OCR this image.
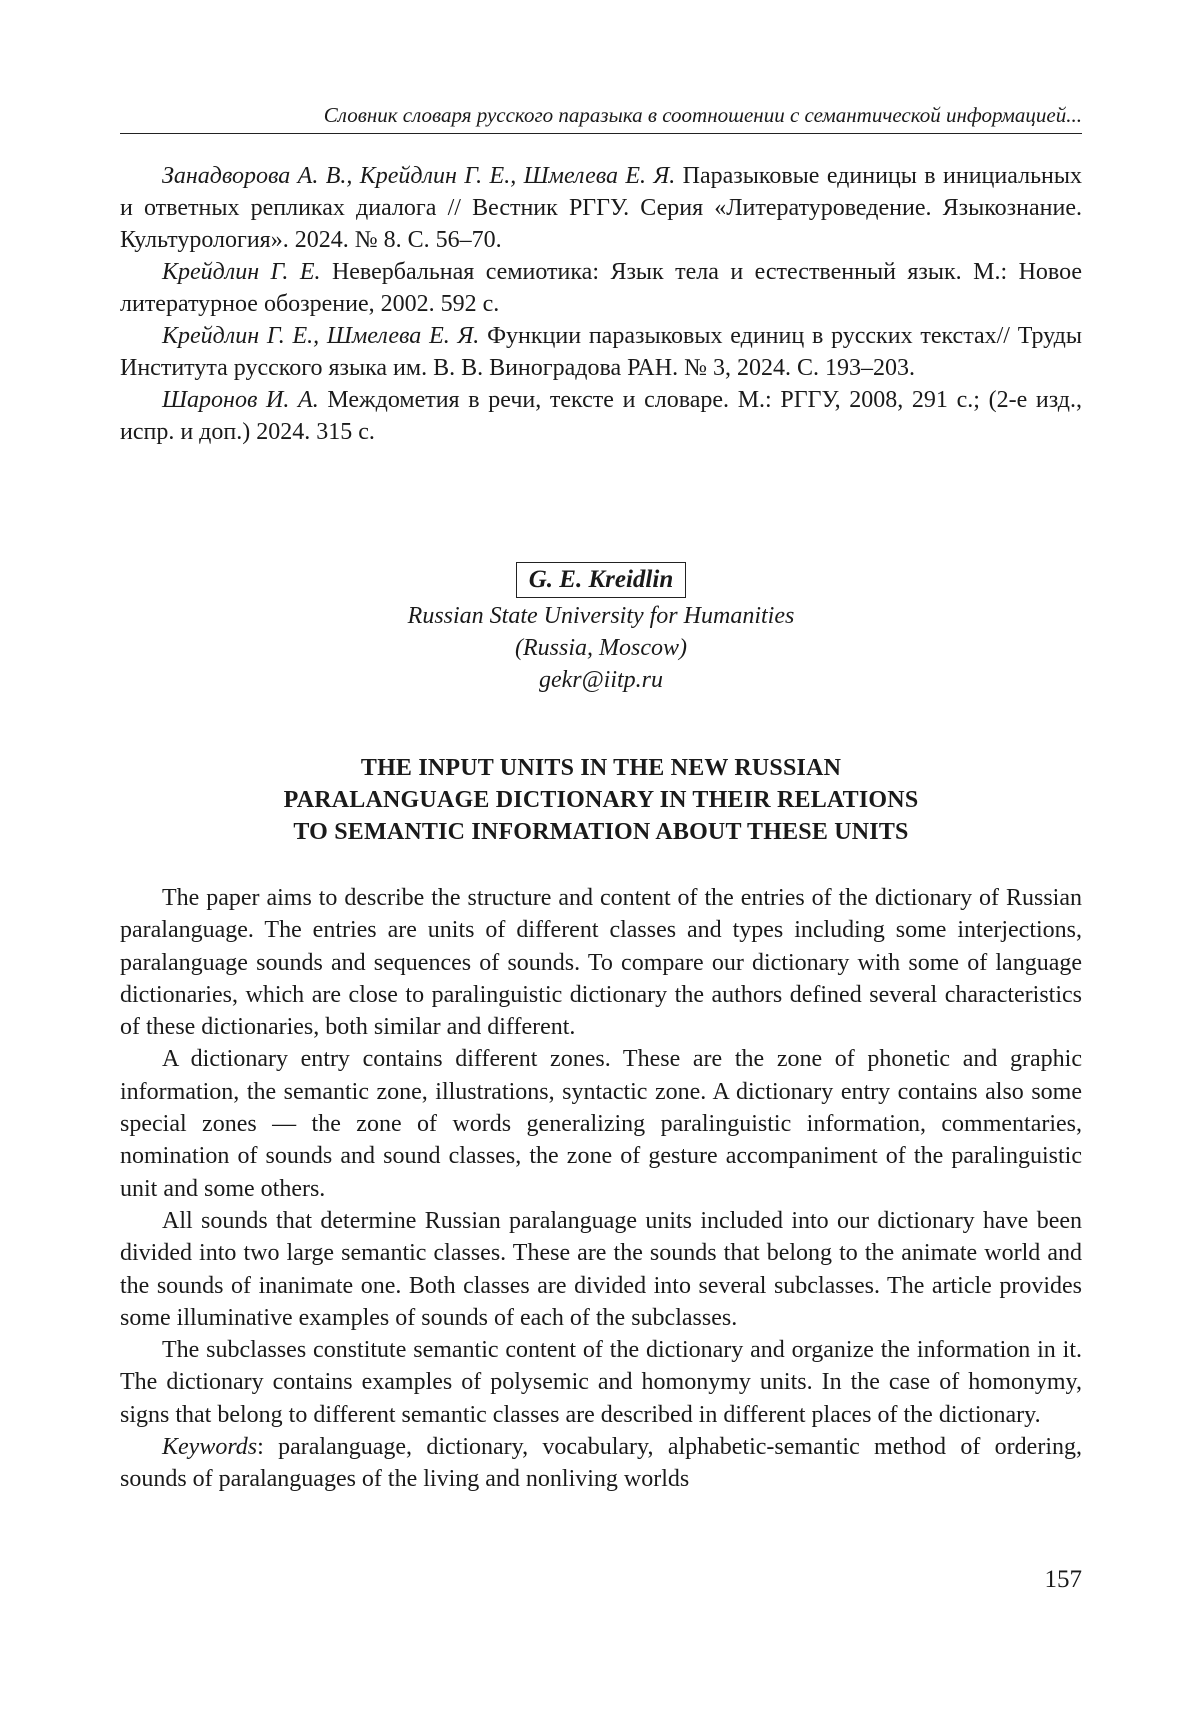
Словник словаря русского паразыка в соотношении с семантической информацией...

Занадворова А. В., Крейдлин Г. Е., Шмелева Е. Я. Паразыковые единицы в инициальных и ответных репликах диалога // Вестник РГГУ. Серия «Литературоведение. Языкознание. Культурология». 2024. № 8. С. 56–70.

Крейдлин Г. Е. Невербальная семиотика: Язык тела и естественный язык. М.: Новое литературное обозрение, 2002. 592 с.

Крейдлин Г. Е., Шмелева Е. Я. Функции паразыковых единиц в русских текстах// Труды Института русского языка им. В. В. Виноградова РАН. № 3, 2024. С. 193–203.

Шаронов И. А. Междометия в речи, тексте и словаре. М.: РГГУ, 2008, 291 с.; (2-е изд., испр. и доп.) 2024. 315 с.

G. E. Kreidlin
Russian State University for Humanities
(Russia, Moscow)
gekr@iitp.ru
THE INPUT UNITS IN THE NEW RUSSIAN
PARALANGUAGE DICTIONARY IN THEIR RELATIONS
TO SEMANTIC INFORMATION ABOUT THESE UNITS

The paper aims to describe the structure and content of the entries of the dictionary of Russian paralanguage. The entries are units of different classes and types including some interjections, paralanguage sounds and sequences of sounds. To compare our dictionary with some of language dictionaries, which are close to paralinguistic dictionary the authors defined several characteristics of these dictionaries, both similar and different.

A dictionary entry contains different zones. These are the zone of phonetic and graphic information, the semantic zone, illustrations, syntactic zone. A dictionary entry contains also some special zones — the zone of words generalizing paralinguistic information, commentaries, nomination of sounds and sound classes, the zone of gesture accompaniment of the paralinguistic unit and some others.

All sounds that determine Russian paralanguage units included into our dictionary have been divided into two large semantic classes. These are the sounds that belong to the animate world and the sounds of inanimate one. Both classes are divided into several subclasses. The article provides some illuminative examples of sounds of each of the subclasses.

The subclasses constitute semantic content of the dictionary and organize the information in it. The dictionary contains examples of polysemic and homonymy units. In the case of homonymy, signs that belong to different semantic classes are described in different places of the dictionary.

Keywords: paralanguage, dictionary, vocabulary, alphabetic-semantic method of ordering, sounds of paralanguages of the living and nonliving worlds

157
